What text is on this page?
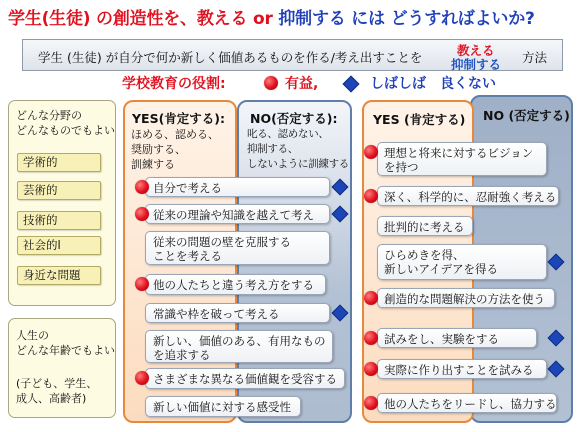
学生(生徒) の創造性を、教える or 抑制する には どうすればよいか?
学生 (生徒) が自分で何か新しく価値あるものを作る/考え出すことを	教える
抑制する 方法
学校教育の役割:	有益,	しばしば　良くない
どんな分野の
どんなものでもよい
学術的
芸術的
技術的
社会的l
身近な問題
人生の
どんな年齢でもよい
(子ども、学生、
成人、高齢者)
YES(肯定する):
ほめる、認める、
奨励する、
訓練する
NO(否定する):
叱る、認めない、
抑制する、
しないように訓練する
YES (肯定する) NO (否定する)
自分で考える
従来の理論や知識を越えて考え
従来の問題の壁を克服する
ことを考える
他の人たちと違う考え方をする
常識や枠を破って考える
新しい、価値のある、有用なもの
を追求する
さまざまな異なる価値観を受容する
新しい価値に対する感受性
理想と将来に対するビジョン
を持つ
深く、科学的に、忍耐強く考える
批判的に考える
ひらめきを得、
新しいアイデアを得る
創造的な問題解決の方法を使う
試みをし、実験をする
実際に作り出すことを試みる
他の人たちをリードし、協力する
